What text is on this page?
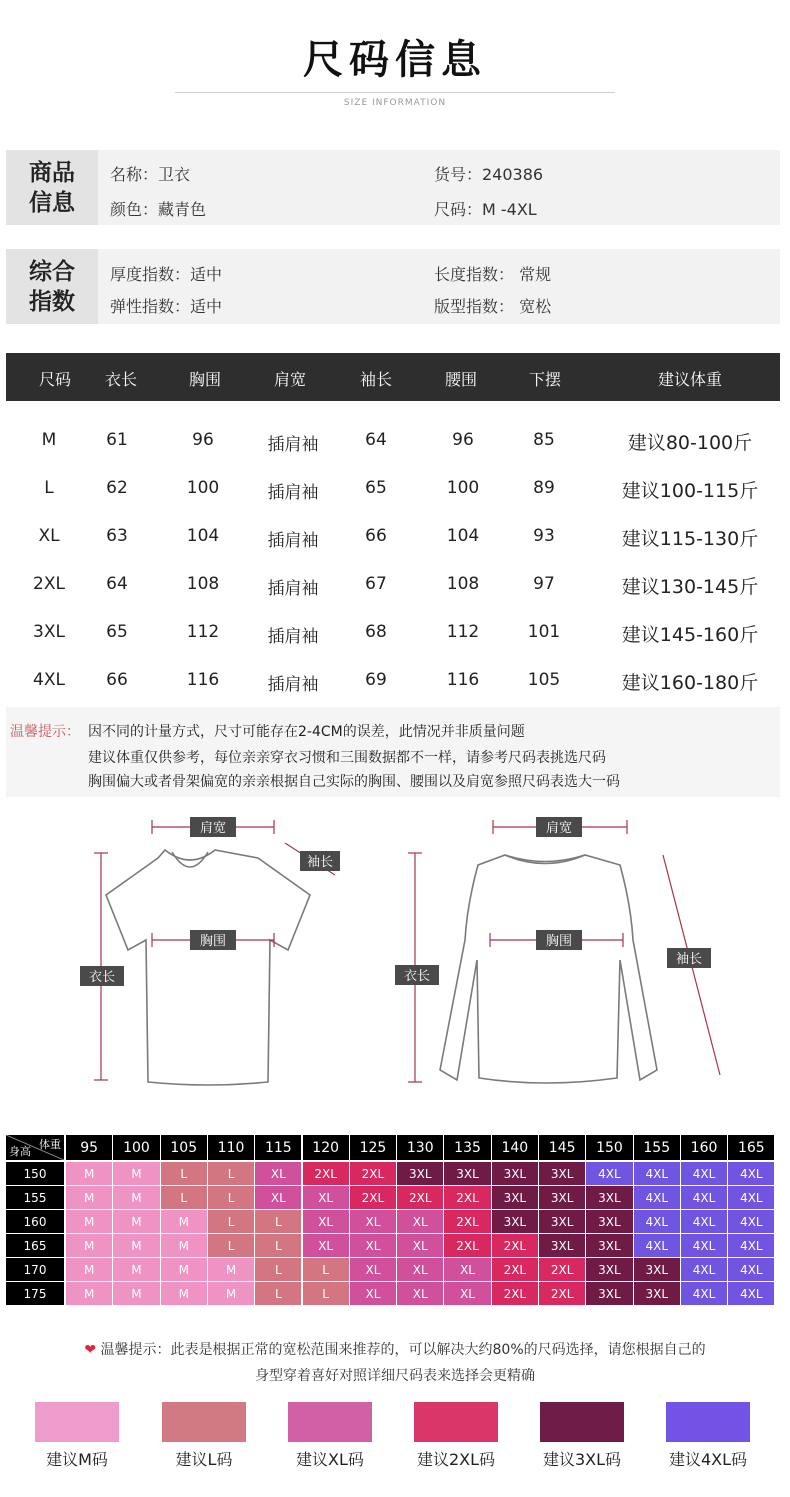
尺码信息
SIZE INFORMATION
商品
信息
名称：卫衣	货号：240386
颜色：藏青色	尺码：M -4XL
综合
指数
厚度指数：适中	长度指数： 常规
弹性指数：适中	版型指数： 宽松
尺码 衣长	胸围	肩宽	袖长	腰围	下摆	建议体重
M	61	96	插肩袖	64	96	85	建议80-100斤
L	62	100	插肩袖	65	100	89	建议100-115斤
XL	63	104	插肩袖	66	104	93	建议115-130斤
2XL 64	108	插肩袖	67	108	97	建议130-145斤
3XL 65	112	插肩袖	68	112	101	建议145-160斤
4XL 66	116	插肩袖	69	116	105	建议160-180斤
温馨提示： 因不同的计量方式，尺寸可能存在2-4CM的误差，此情况并非质量问题
建议体重仅供参考，每位亲亲穿衣习惯和三围数据都不一样，请参考尺码表挑选尺码
胸围偏大或者骨架偏宽的亲亲根据自己实际的胸围、腰围以及肩宽参照尺码表选大一码
肩宽
袖长
胸围
衣长
肩宽
胸围
衣长
袖长
体重
身高	95	100	105	110	115	120	125	130	135	140	145	150	155	160	165
150	M	M	L	L	XL	2XL	2XL	3XL	3XL	3XL	3XL	4XL	4XL	4XL	4XL
155	M	M	L	L	XL	XL	2XL	2XL	2XL	3XL	3XL	3XL	4XL	4XL	4XL
160	M	M	M	L	L	XL	XL	XL	2XL	3XL	3XL	3XL	4XL	4XL	4XL
165	M	M	M	L	L	XL	XL	XL	2XL	2XL	3XL	3XL	4XL	4XL	4XL
170	M	M	M	M	L	L	XL	XL	XL	2XL	2XL	3XL	3XL	4XL	4XL
175	M	M	M	M	L	L	XL	XL	XL	2XL	2XL	3XL	3XL	4XL	4XL
❤ 温馨提示：此表是根据正常的宽松范围来推荐的，可以解决大约80%的尺码选择，请您根据自己的
身型穿着喜好对照详细尺码表来选择会更精确
建议M码	建议L码	建议XL码	建议2XL码	建议3XL码	建议4XL码
